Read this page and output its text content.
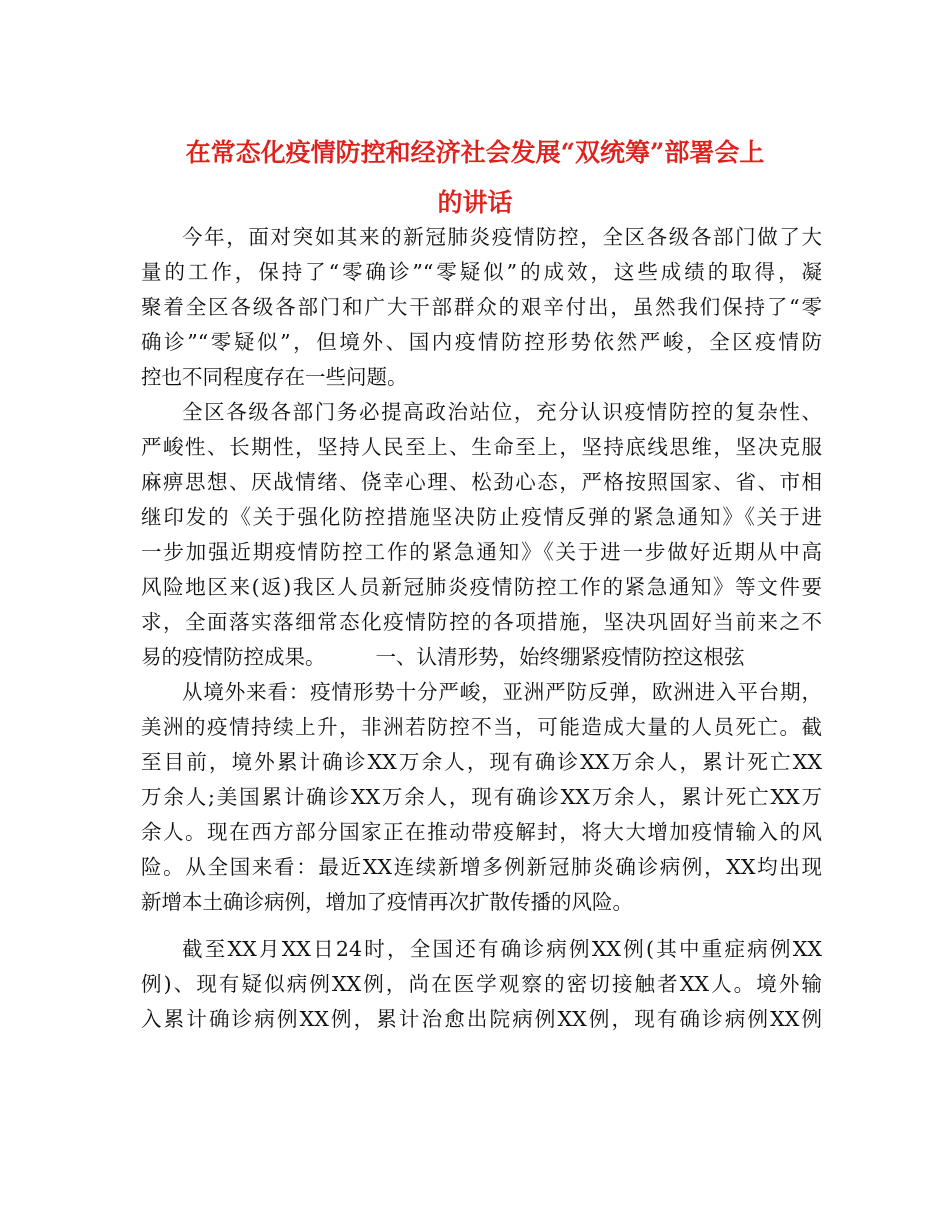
在常态化疫情防控和经济社会发展“双统筹”部署会上
的讲话
今年，面对突如其来的新冠肺炎疫情防控，全区各级各部门做了大
量的工作，保持了“零确诊”“零疑似”的成效，这些成绩的取得，凝
聚着全区各级各部门和广大干部群众的艰辛付出，虽然我们保持了“零
确诊”“零疑似”，但境外、国内疫情防控形势依然严峻，全区疫情防
控也不同程度存在一些问题。
全区各级各部门务必提高政治站位，充分认识疫情防控的复杂性、
严峻性、长期性，坚持人民至上、生命至上，坚持底线思维，坚决克服
麻痹思想、厌战情绪、侥幸心理、松劲心态，严格按照国家、省、市相
继印发的《关于强化防控措施坚决防止疫情反弹的紧急通知》《关于进
一步加强近期疫情防控工作的紧急通知》《关于进一步做好近期从中高
风险地区来(返)我区人员新冠肺炎疫情防控工作的紧急通知》等文件要
求，全面落实落细常态化疫情防控的各项措施，坚决巩固好当前来之不
易的疫情防控成果。 一、认清形势，始终绷紧疫情防控这根弦
从境外来看：疫情形势十分严峻，亚洲严防反弹，欧洲进入平台期，
美洲的疫情持续上升，非洲若防控不当，可能造成大量的人员死亡。截
至目前，境外累计确诊XX万余人，现有确诊XX万余人，累计死亡XX
万余人;美国累计确诊XX万余人，现有确诊XX万余人，累计死亡XX万
余人。现在西方部分国家正在推动带疫解封，将大大增加疫情输入的风
险。从全国来看：最近XX连续新增多例新冠肺炎确诊病例，XX均出现
新增本土确诊病例，增加了疫情再次扩散传播的风险。
截至XX月XX日24时，全国还有确诊病例XX例(其中重症病例XX
例)、现有疑似病例XX例，尚在医学观察的密切接触者XX人。境外输
入累计确诊病例XX例，累计治愈出院病例XX例，现有确诊病例XX例
